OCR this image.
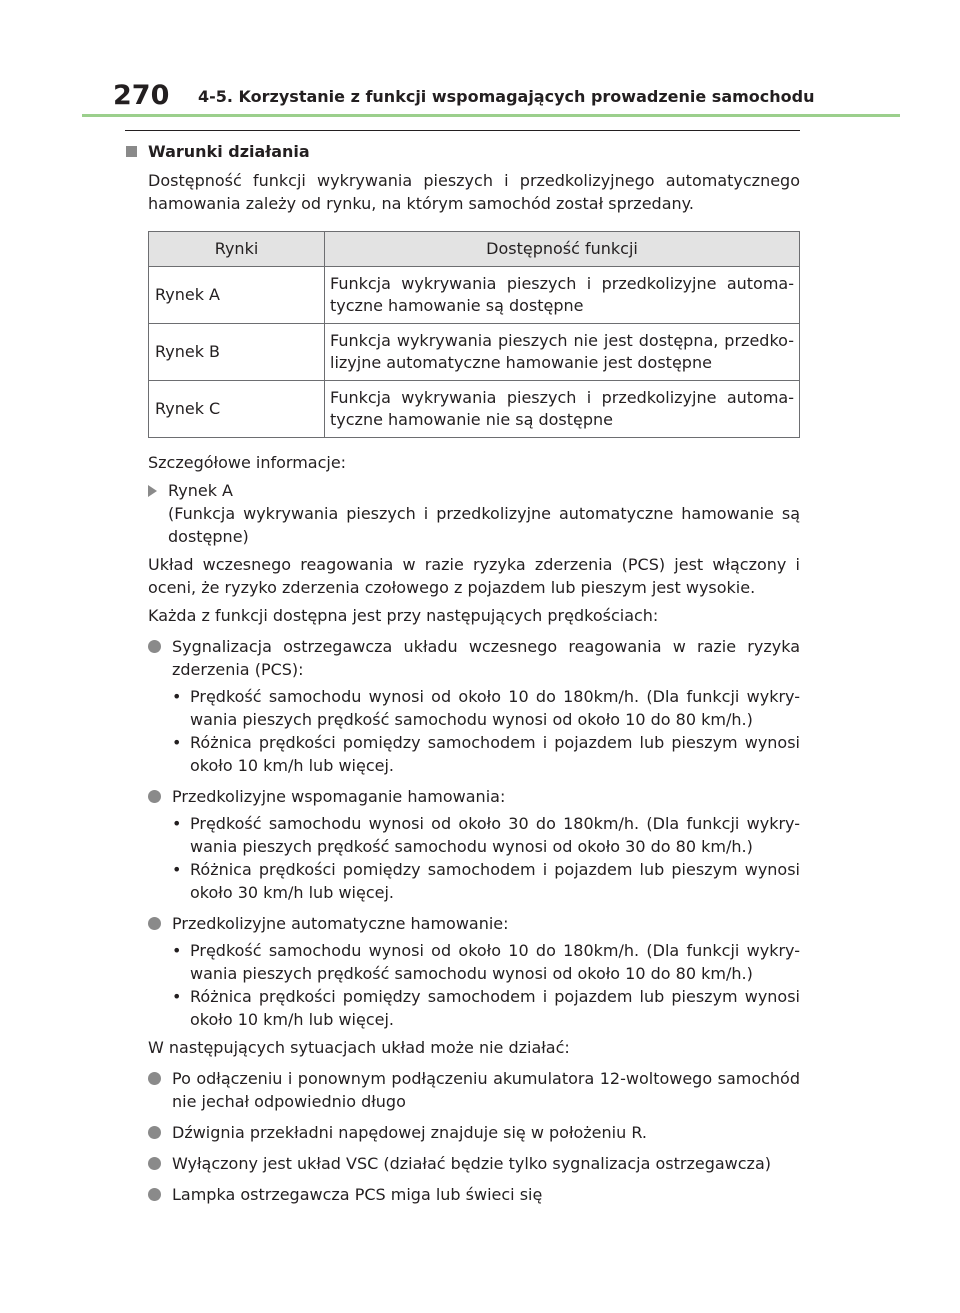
270 4-5. Korzystanie z funkcji wspomagających prowadzenie samochodu

Warunki działania

Dostępność funkcji wykrywania pieszych i przedkolizyjnego automatycznego hamowania zależy od rynku, na którym samochód został sprzedany.

Rynki	Dostępność funkcji
Rynek A	Funkcja wykrywania pieszych i przedkolizyjne automa-tyczne hamowanie są dostępne
Rynek B	Funkcja wykrywania pieszych nie jest dostępna, przedko-lizyjne automatyczne hamowanie jest dostępne
Rynek C	Funkcja wykrywania pieszych i przedkolizyjne automa-tyczne hamowanie nie są dostępne

Szczegółowe informacje:

Rynek A

(Funkcja wykrywania pieszych i przedkolizyjne automatyczne hamowanie są dostępne)

Układ wczesnego reagowania w razie ryzyka zderzenia (PCS) jest włączony i oceni, że ryzyko zderzenia czołowego z pojazdem lub pieszym jest wysokie.

Każda z funkcji dostępna jest przy następujących prędkościach:

Sygnalizacja ostrzegawcza układu wczesnego reagowania w razie ryzyka zderzenia (PCS):

• Prędkość samochodu wynosi od około 10 do 180km/h. (Dla funkcji wykry-wania pieszych prędkość samochodu wynosi od około 10 do 80 km/h.)
• Różnica prędkości pomiędzy samochodem i pojazdem lub pieszym wynosi około 10 km/h lub więcej.

Przedkolizyjne wspomaganie hamowania:

• Prędkość samochodu wynosi od około 30 do 180km/h. (Dla funkcji wykry-wania pieszych prędkość samochodu wynosi od około 30 do 80 km/h.)
• Różnica prędkości pomiędzy samochodem i pojazdem lub pieszym wynosi około 30 km/h lub więcej.

Przedkolizyjne automatyczne hamowanie:

• Prędkość samochodu wynosi od około 10 do 180km/h. (Dla funkcji wykry-wania pieszych prędkość samochodu wynosi od około 10 do 80 km/h.)
• Różnica prędkości pomiędzy samochodem i pojazdem lub pieszym wynosi około 10 km/h lub więcej.

W następujących sytuacjach układ może nie działać:

Po odłączeniu i ponownym podłączeniu akumulatora 12-woltowego samochód nie jechał odpowiednio długo

Dźwignia przekładni napędowej znajduje się w położeniu R.

Wyłączony jest układ VSC (działać będzie tylko sygnalizacja ostrzegawcza)

Lampka ostrzegawcza PCS miga lub świeci się
